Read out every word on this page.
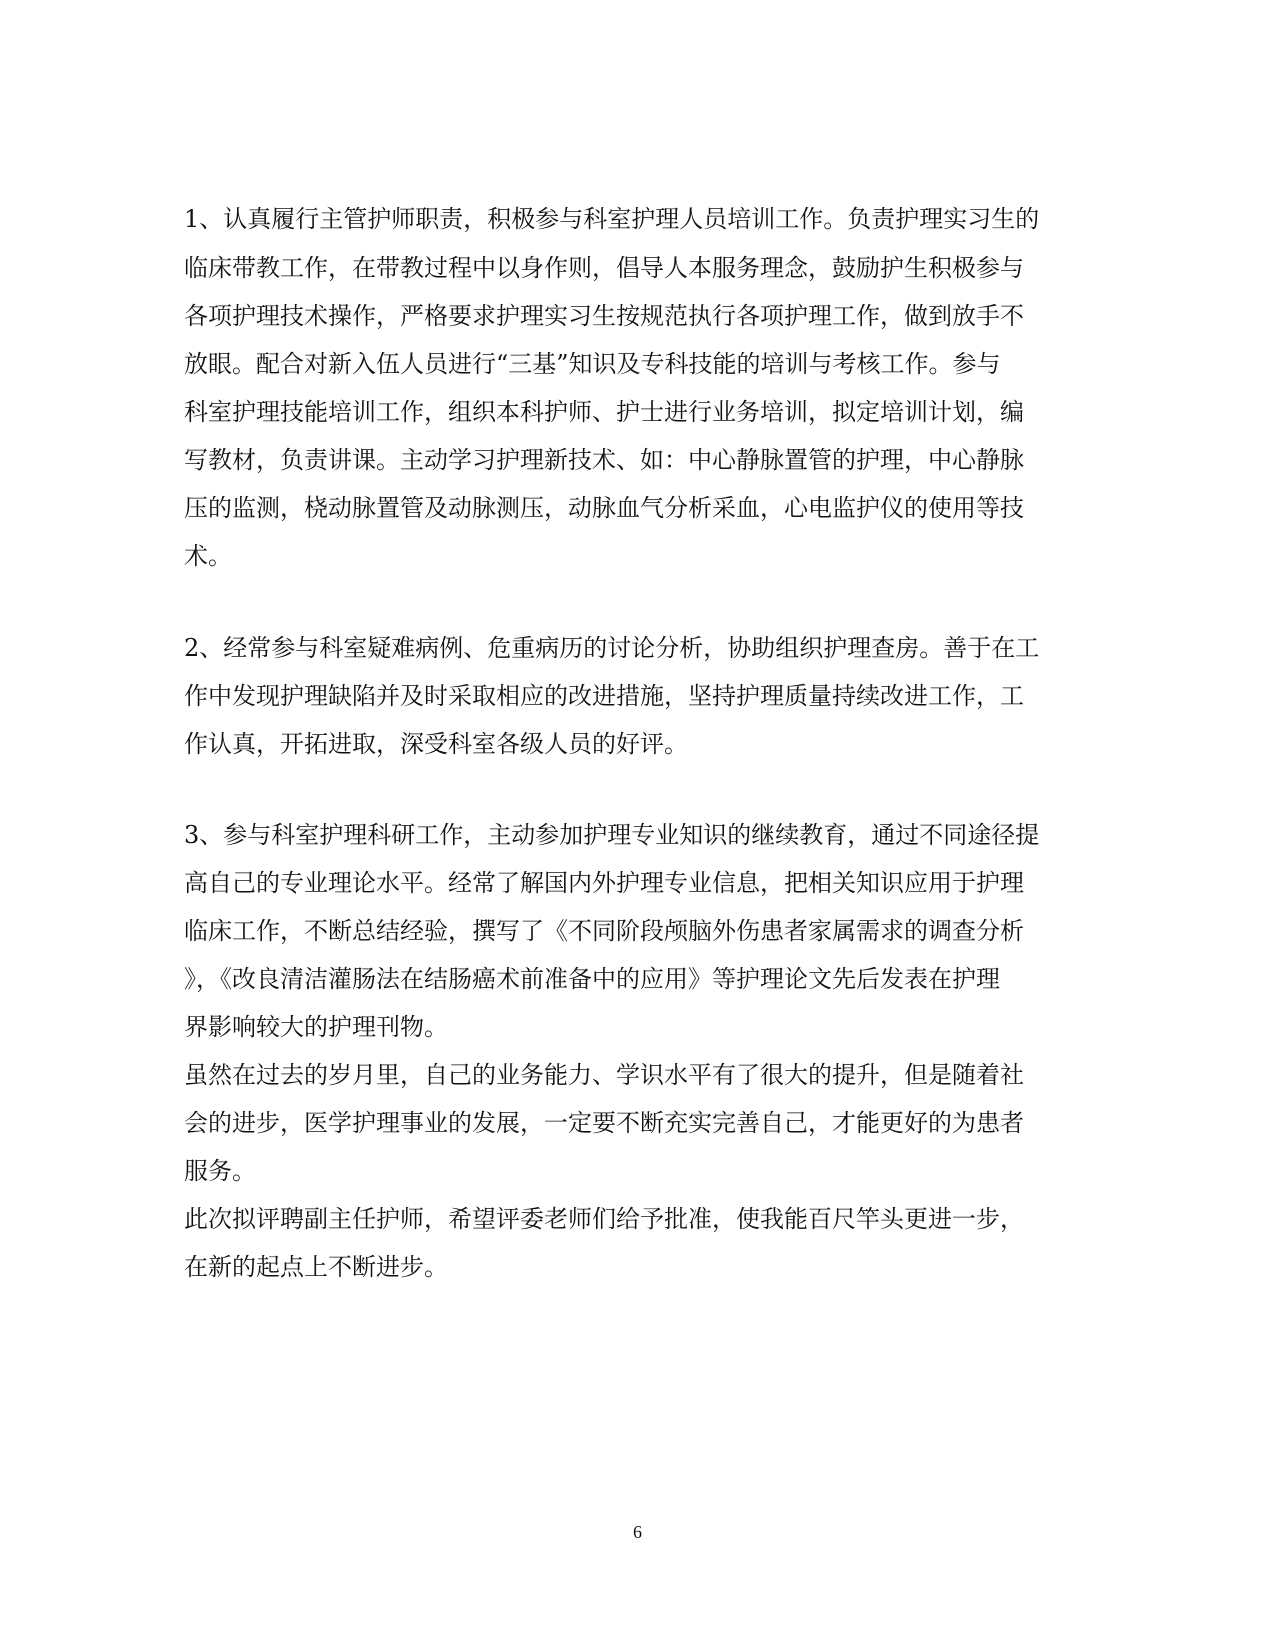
1、认真履行主管护师职责，积极参与科室护理人员培训工作。负责护理实习生的
临床带教工作，在带教过程中以身作则，倡导人本服务理念，鼓励护生积极参与
各项护理技术操作，严格要求护理实习生按规范执行各项护理工作，做到放手不
放眼。配合对新入伍人员进行“三基”知识及专科技能的培训与考核工作。参与
科室护理技能培训工作，组织本科护师、护士进行业务培训，拟定培训计划，编
写教材，负责讲课。主动学习护理新技术、如：中心静脉置管的护理，中心静脉
压的监测，桡动脉置管及动脉测压，动脉血气分析采血，心电监护仪的使用等技
术。
2、经常参与科室疑难病例、危重病历的讨论分析，协助组织护理查房。善于在工
作中发现护理缺陷并及时采取相应的改进措施，坚持护理质量持续改进工作，工
作认真，开拓进取，深受科室各级人员的好评。
3、参与科室护理科研工作，主动参加护理专业知识的继续教育，通过不同途径提
高自己的专业理论水平。经常了解国内外护理专业信息，把相关知识应用于护理
临床工作，不断总结经验，撰写了《不同阶段颅脑外伤患者家属需求的调查分析
》，《改良清洁灌肠法在结肠癌术前准备中的应用》等护理论文先后发表在护理
界影响较大的护理刊物。
虽然在过去的岁月里，自己的业务能力、学识水平有了很大的提升，但是随着社
会的进步，医学护理事业的发展，一定要不断充实完善自己，才能更好的为患者
服务。
此次拟评聘副主任护师，希望评委老师们给予批准，使我能百尺竿头更进一步，
在新的起点上不断进步。
6
